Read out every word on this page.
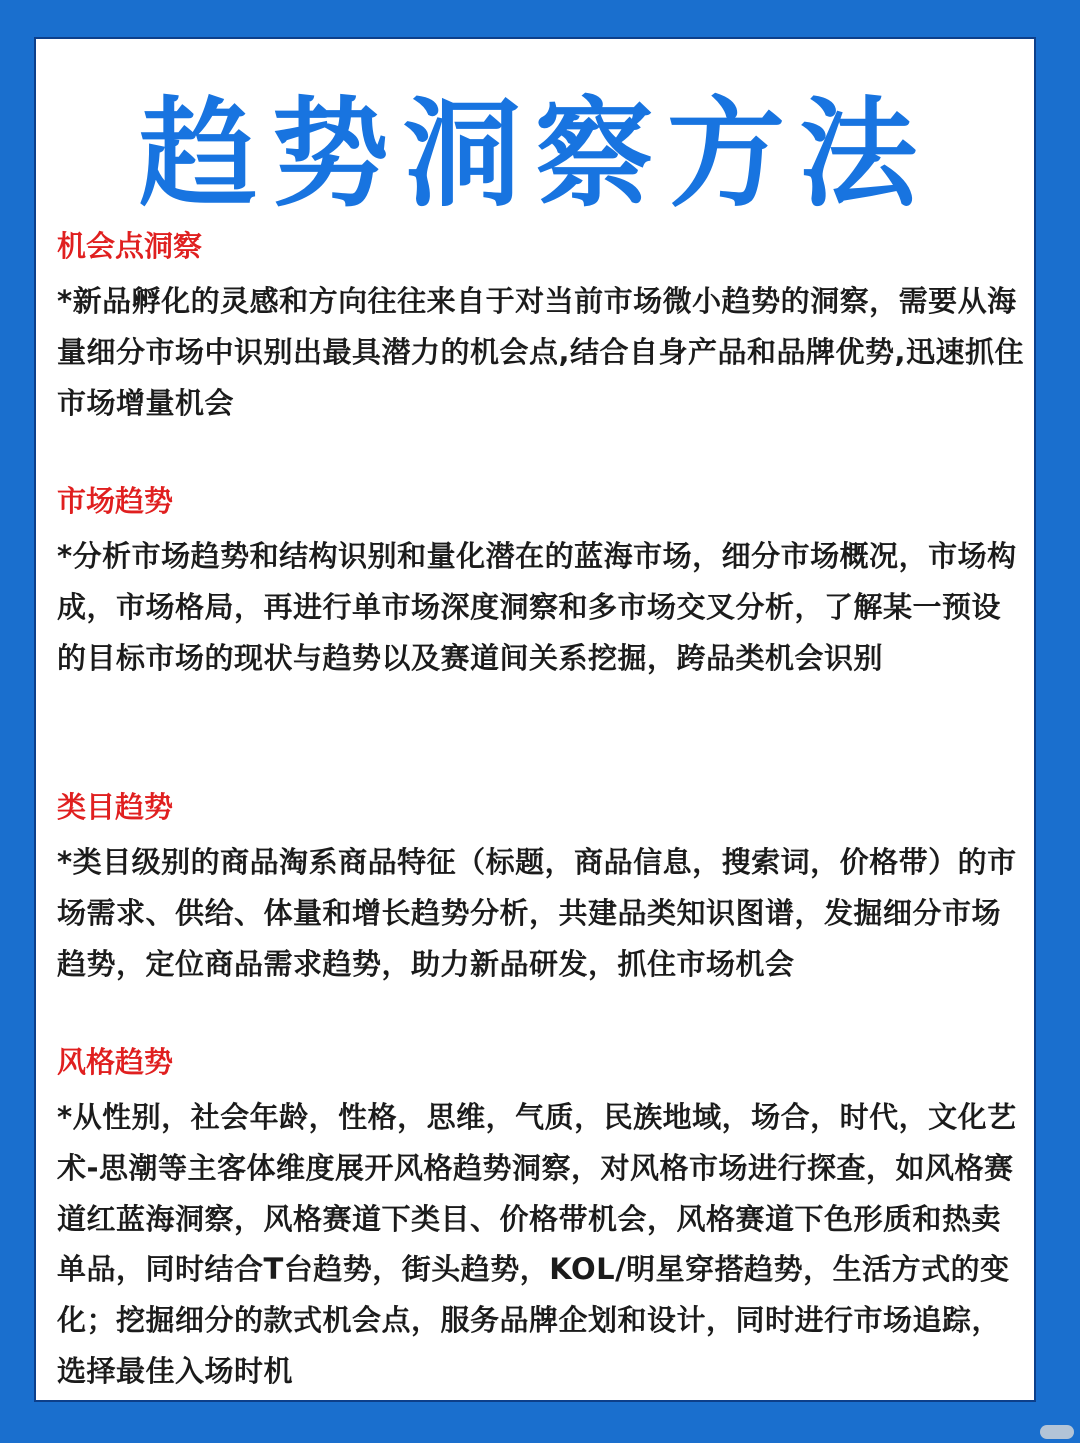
趋势洞察方法
机会点洞察

*新品孵化的灵感和方向往往来自于对当前市场微小趋势的洞察，需要从海量细分市场中识别出最具潜力的机会点,结合自身产品和品牌优势,迅速抓住市场增量机会

市场趋势

*分析市场趋势和结构识别和量化潜在的蓝海市场，细分市场概况，市场构成，市场格局，再进行单市场深度洞察和多市场交叉分析，了解某一预设的目标市场的现状与趋势以及赛道间关系挖掘，跨品类机会识别

类目趋势

*类目级别的商品淘系商品特征（标题，商品信息，搜索词，价格带）的市场需求、供给、体量和增长趋势分析，共建品类知识图谱，发掘细分市场趋势，定位商品需求趋势，助力新品研发，抓住市场机会

风格趋势

*从性别，社会年龄，性格，思维，气质，民族地域，场合，时代，文化艺术-思潮等主客体维度展开风格趋势洞察，对风格市场进行探查，如风格赛道红蓝海洞察，风格赛道下类目、价格带机会，风格赛道下色形质和热卖单品，同时结合T台趋势，街头趋势，KOL/明星穿搭趋势，生活方式的变化；挖掘细分的款式机会点，服务品牌企划和设计，同时进行市场追踪，选择最佳入场时机
